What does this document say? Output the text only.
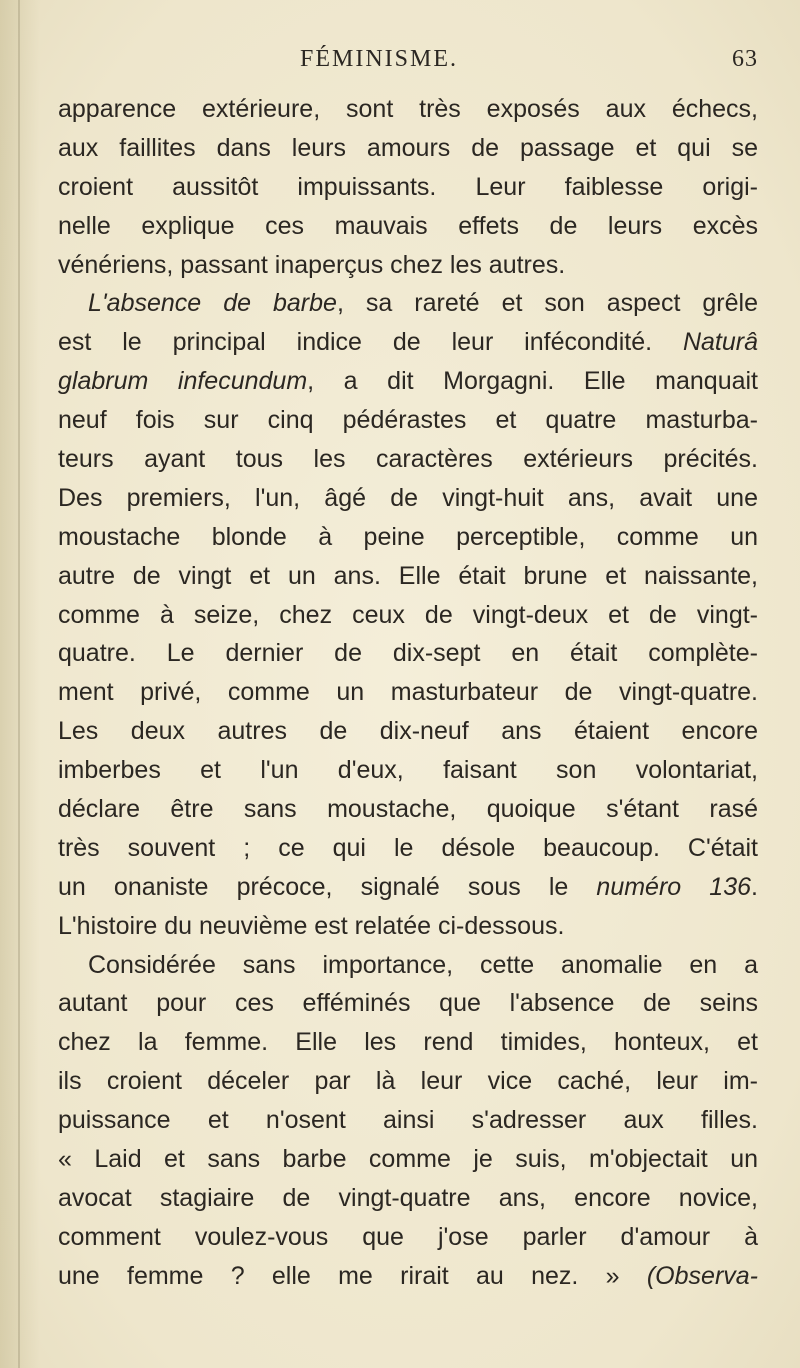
FÉMINISME.	63
apparence extérieure, sont très exposés aux échecs,
aux faillites dans leurs amours de passage et qui se
croient aussitôt impuissants. Leur faiblesse origi-
nelle explique ces mauvais effets de leurs excès
vénériens, passant inaperçus chez les autres.
L'absence de barbe, sa rareté et son aspect grêle
est le principal indice de leur infécondité. Naturâ
glabrum infecundum, a dit Morgagni. Elle manquait
neuf fois sur cinq pédérastes et quatre masturba-
teurs ayant tous les caractères extérieurs précités.
Des premiers, l'un, âgé de vingt-huit ans, avait une
moustache blonde à peine perceptible, comme un
autre de vingt et un ans. Elle était brune et naissante,
comme à seize, chez ceux de vingt-deux et de vingt-
quatre. Le dernier de dix-sept en était complète-
ment privé, comme un masturbateur de vingt-quatre.
Les deux autres de dix-neuf ans étaient encore
imberbes et l'un d'eux, faisant son volontariat,
déclare être sans moustache, quoique s'étant rasé
très souvent ; ce qui le désole beaucoup. C'était
un onaniste précoce, signalé sous le numéro 136.
L'histoire du neuvième est relatée ci-dessous.
Considérée sans importance, cette anomalie en a
autant pour ces efféminés que l'absence de seins
chez la femme. Elle les rend timides, honteux, et
ils croient déceler par là leur vice caché, leur im-
puissance et n'osent ainsi s'adresser aux filles.
« Laid et sans barbe comme je suis, m'objectait un
avocat stagiaire de vingt-quatre ans, encore novice,
comment voulez-vous que j'ose parler d'amour à
une femme ? elle me rirait au nez. » (Observa-
